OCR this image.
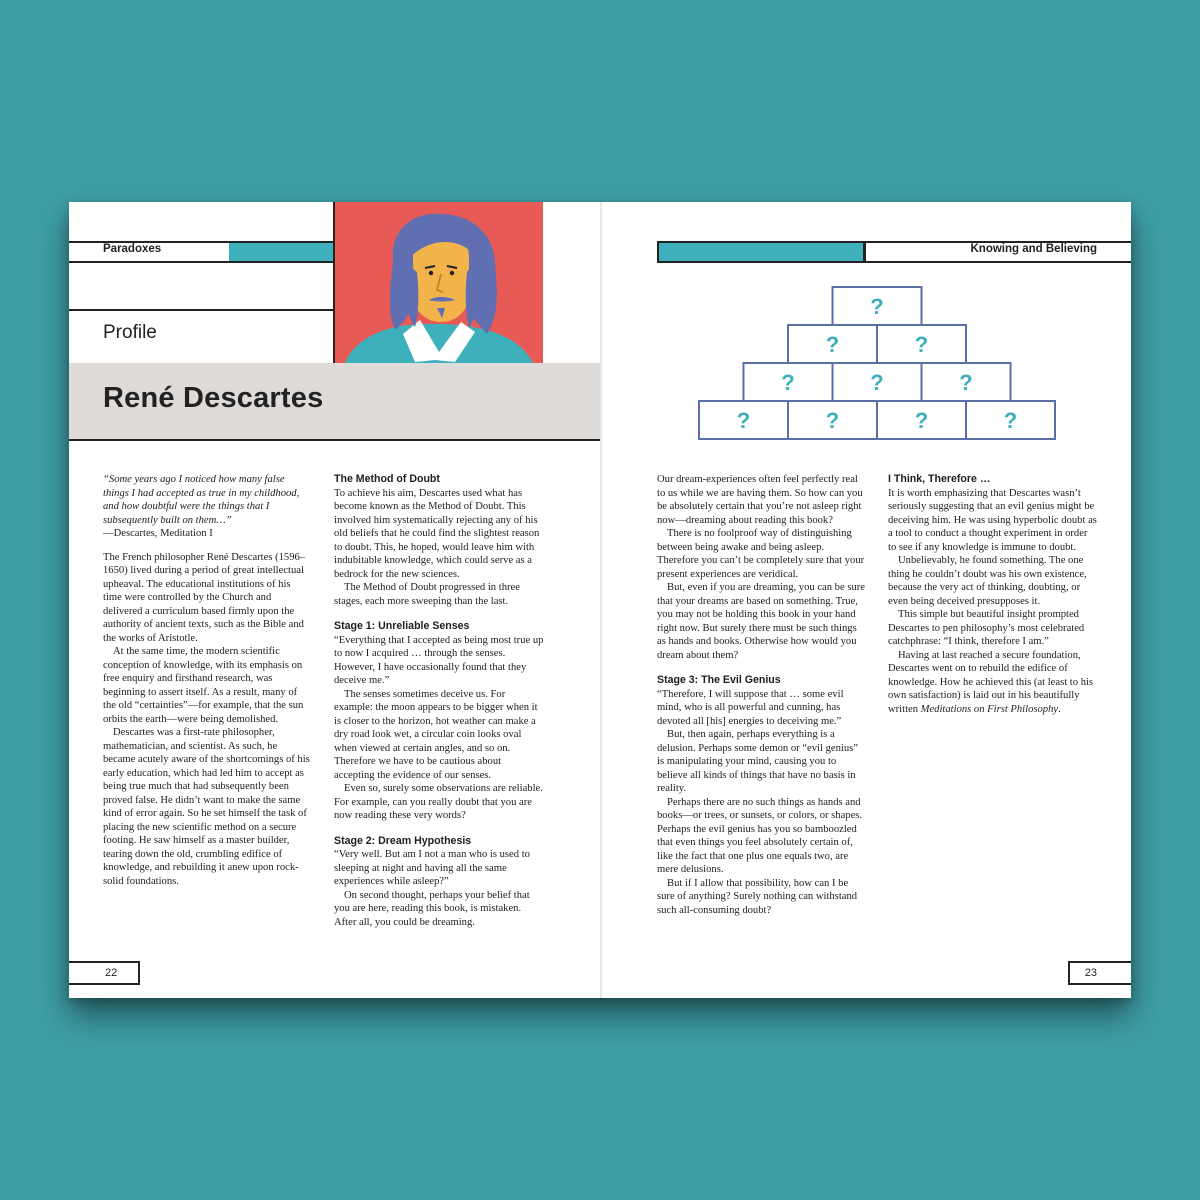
Paradoxes
Profile
René Descartes
Knowing and Believing
?
?	?
?	?	?
?	?	?	?

“Some years ago I noticed how many false things I had accepted as true in my childhood, and how doubtful were the things that I subsequently built on them…”

—Descartes, Meditation I

The French philosopher René Descartes (1596–1650) lived during a period of great intellectual upheaval. The educational institutions of his time were controlled by the Church and delivered a curriculum based firmly upon the authority of ancient texts, such as the Bible and the works of Aristotle.

At the same time, the modern scientific conception of knowledge, with its emphasis on free enquiry and firsthand research, was beginning to assert itself. As a result, many of the old “certainties”—for example, that the sun orbits the earth—were being demolished.

Descartes was a first-rate philosopher, mathematician, and scientist. As such, he became acutely aware of the shortcomings of his early education, which had led him to accept as being true much that had subsequently been proved false. He didn’t want to make the same kind of error again. So he set himself the task of placing the new scientific method on a secure footing. He saw himself as a master builder, tearing down the old, crumbling edifice of knowledge, and rebuilding it anew upon rock-solid foundations.

The Method of Doubt

To achieve his aim, Descartes used what has become known as the Method of Doubt. This involved him systematically rejecting any of his old beliefs that he could find the slightest reason to doubt. This, he hoped, would leave him with indubitable knowledge, which could serve as a bedrock for the new sciences.

The Method of Doubt progressed in three stages, each more sweeping than the last.

Stage 1: Unreliable Senses

“Everything that I accepted as being most true up to now I acquired … through the senses. However, I have occasionally found that they deceive me.”

The senses sometimes deceive us. For example: the moon appears to be bigger when it is closer to the horizon, hot weather can make a dry road look wet, a circular coin looks oval when viewed at certain angles, and so on. Therefore we have to be cautious about accepting the evidence of our senses.

Even so, surely some observations are reliable. For example, can you really doubt that you are now reading these very words?

Stage 2: Dream Hypothesis

“Very well. But am I not a man who is used to sleeping at night and having all the same experiences while asleep?”

On second thought, perhaps your belief that you are here, reading this book, is mistaken. After all, you could be dreaming.

Our dream-experiences often feel perfectly real to us while we are having them. So how can you be absolutely certain that you’re not asleep right now—dreaming about reading this book?

There is no foolproof way of distinguishing between being awake and being asleep. Therefore you can’t be completely sure that your present experiences are veridical.

But, even if you are dreaming, you can be sure that your dreams are based on something. True, you may not be holding this book in your hand right now. But surely there must be such things as hands and books. Otherwise how would you dream about them?

Stage 3: The Evil Genius

“Therefore, I will suppose that … some evil mind, who is all powerful and cunning, has devoted all [his] energies to deceiving me.”

But, then again, perhaps everything is a delusion. Perhaps some demon or “evil genius” is manipulating your mind, causing you to believe all kinds of things that have no basis in reality.

Perhaps there are no such things as hands and books—or trees, or sunsets, or colors, or shapes. Perhaps the evil genius has you so bamboozled that even things you feel absolutely certain of, like the fact that one plus one equals two, are mere delusions.

But if I allow that possibility, how can I be sure of anything? Surely nothing can withstand such all-consuming doubt?

I Think, Therefore …

It is worth emphasizing that Descartes wasn’t seriously suggesting that an evil genius might be deceiving him. He was using hyperbolic doubt as a tool to conduct a thought experiment in order to see if any knowledge is immune to doubt.

Unbelievably, he found something. The one thing he couldn’t doubt was his own existence, because the very act of thinking, doubting, or even being deceived presupposes it.

This simple but beautiful insight prompted Descartes to pen philosophy’s most celebrated catchphrase: “I think, therefore I am.”

Having at last reached a secure foundation, Descartes went on to rebuild the edifice of knowledge. How he achieved this (at least to his own satisfaction) is laid out in his beautifully written Meditations on First Philosophy.

22	23
